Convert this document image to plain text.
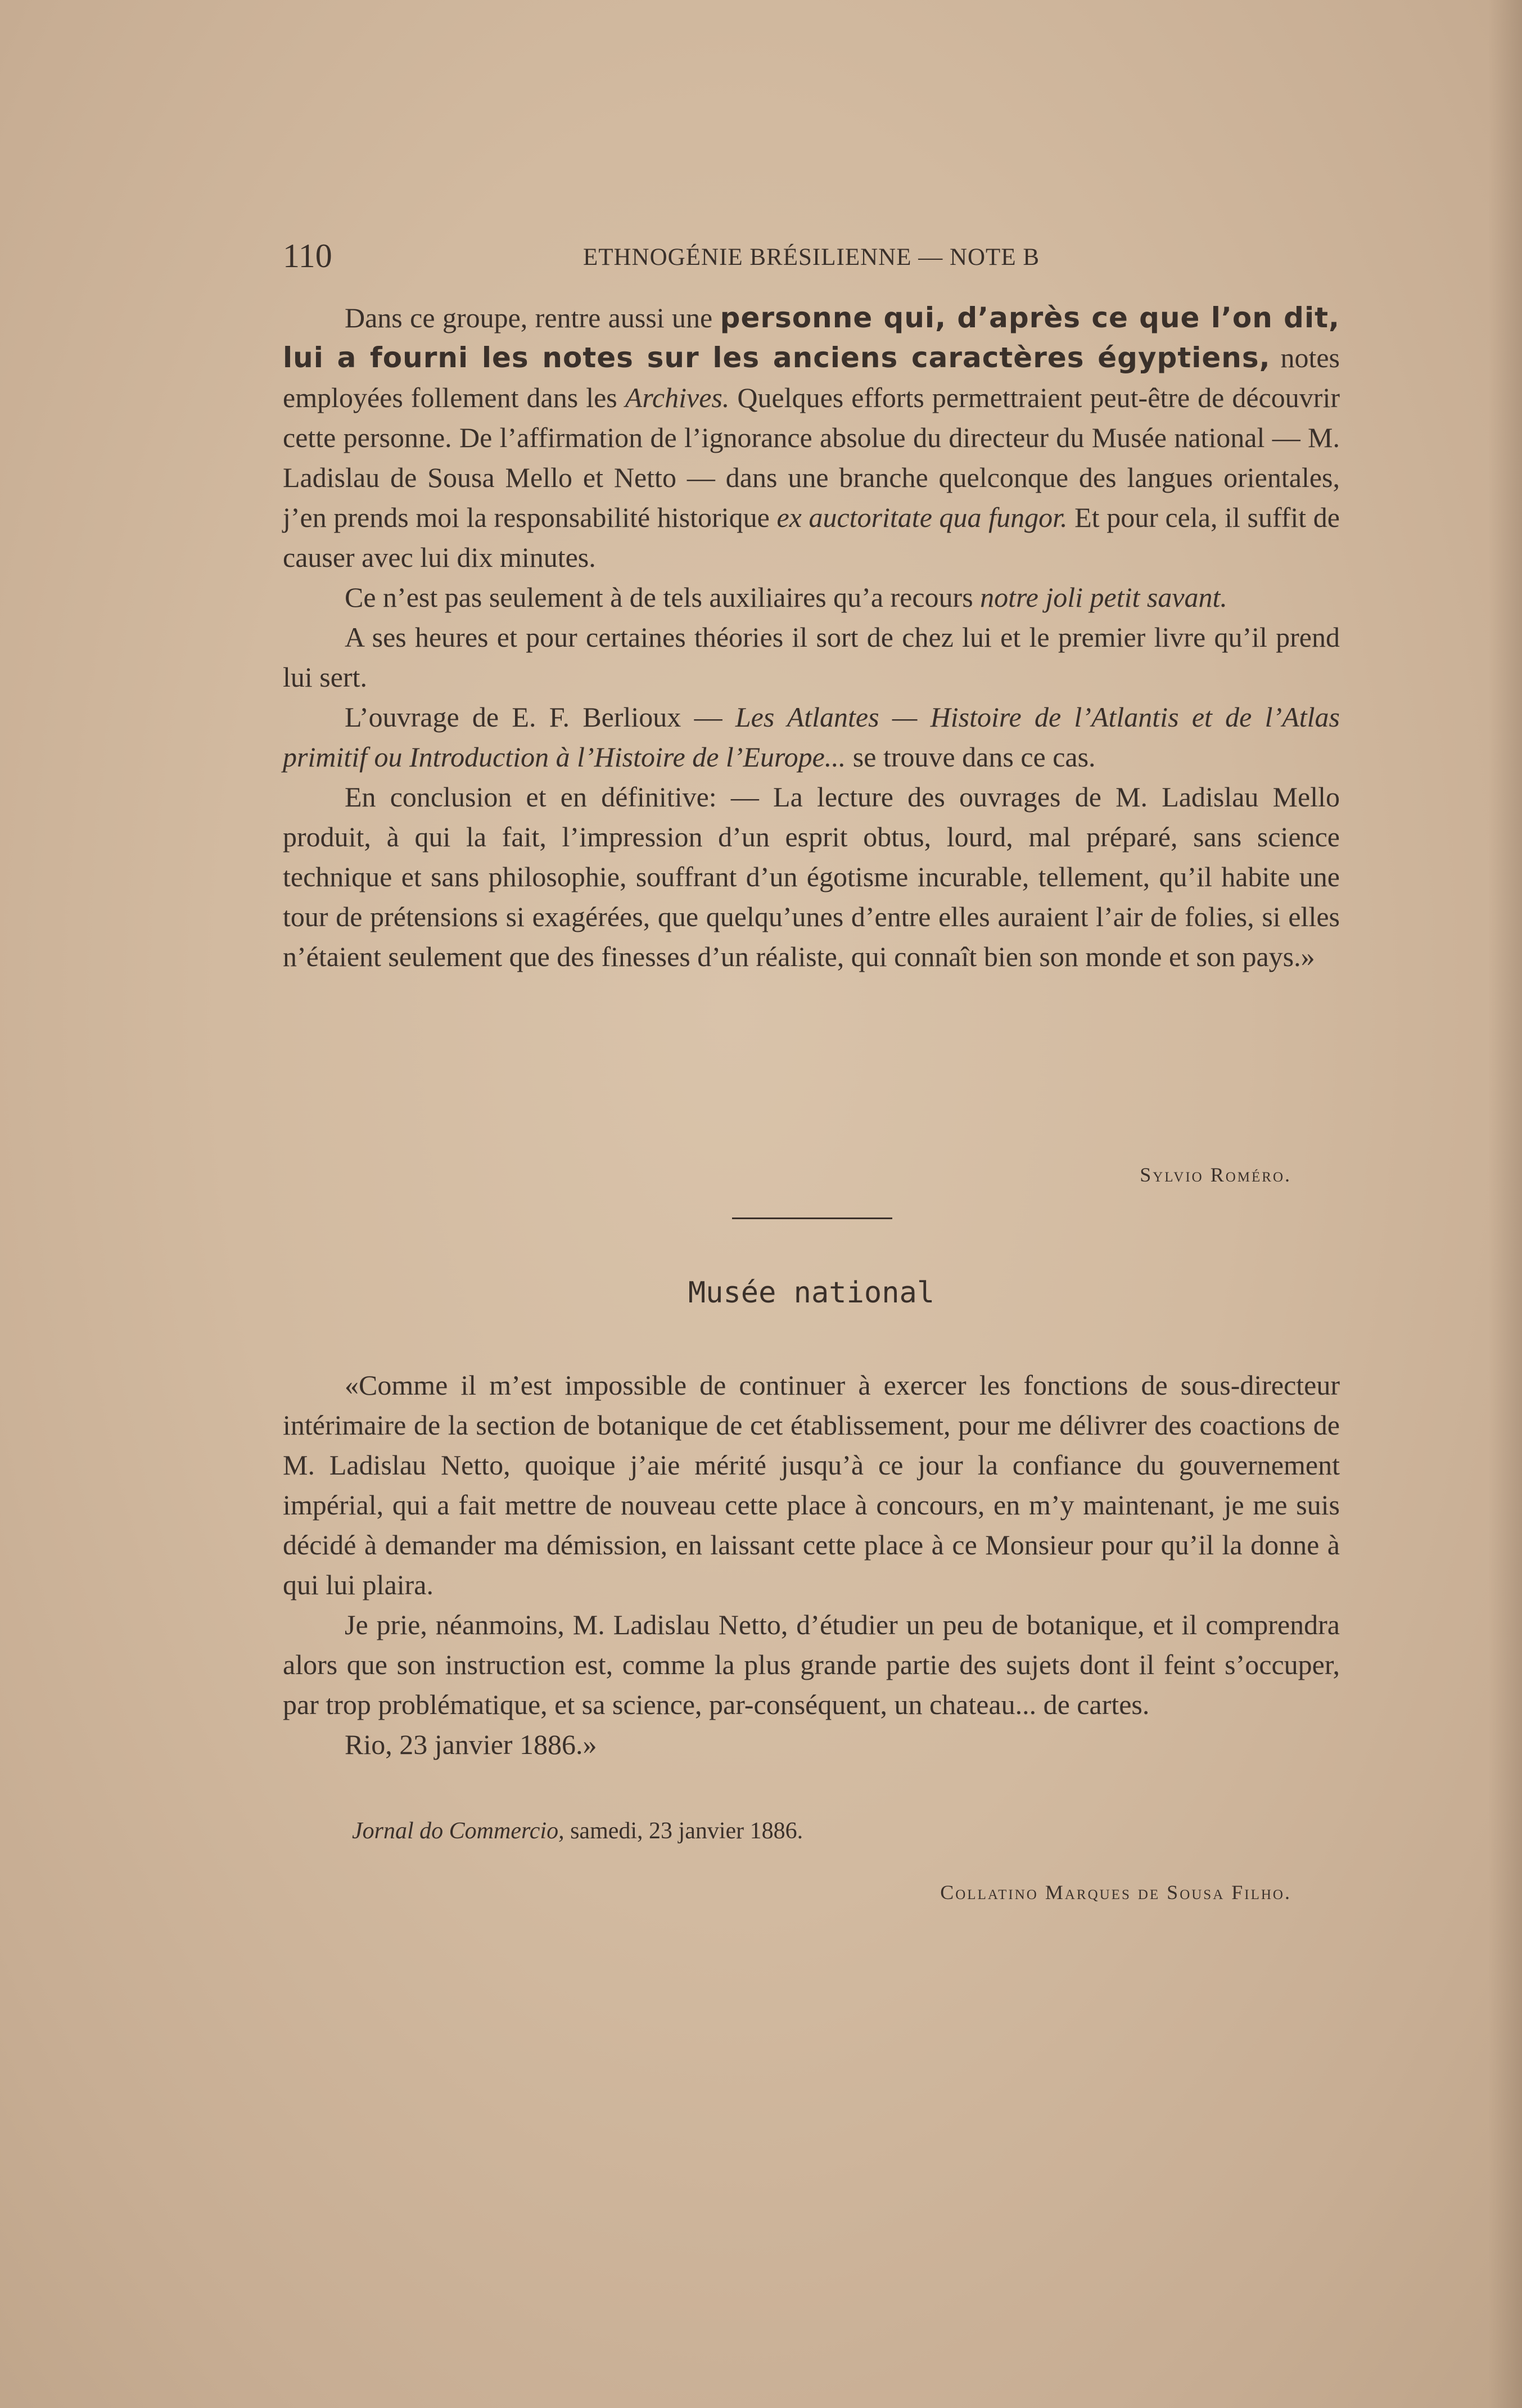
110	ETHNOGÉNIE BRÉSILIENNE — NOTE B

Dans ce groupe, rentre aussi une personne qui, d’après ce que l’on dit, lui a fourni les notes sur les anciens caractères égyptiens, notes employées follement dans les Archives. Quelques efforts permettraient peut-être de découvrir cette personne. De l’affirmation de l’ignorance absolue du directeur du Musée national — M. Ladislau de Sousa Mello et Netto — dans une branche quelconque des langues orientales, j’en prends moi la responsabilité historique ex auctoritate qua fungor. Et pour cela, il suffit de causer avec lui dix minutes.

Ce n’est pas seulement à de tels auxiliaires qu’a recours notre joli petit savant.

A ses heures et pour certaines théories il sort de chez lui et le premier livre qu’il prend lui sert.

L’ouvrage de E. F. Berlioux — Les Atlantes — Histoire de l’Atlantis et de l’Atlas primitif ou Introduction à l’Histoire de l’Europe... se trouve dans ce cas.

En conclusion et en définitive: — La lecture des ouvrages de M. Ladislau Mello produit, à qui la fait, l’impression d’un esprit obtus, lourd, mal préparé, sans science technique et sans philosophie, souffrant d’un égotisme incurable, tellement, qu’il habite une tour de prétensions si exagérées, que quelqu’unes d’entre elles auraient l’air de folies, si elles n’étaient seulement que des finesses d’un réaliste, qui connaît bien son monde et son pays.»

Sylvio Roméro.
Musée national

«Comme il m’est impossible de continuer à exercer les fonctions de sous-directeur intérimaire de la section de botanique de cet établissement, pour me délivrer des coactions de M. Ladislau Netto, quoique j’aie mérité jusqu’à ce jour la confiance du gouvernement impérial, qui a fait mettre de nouveau cette place à concours, en m’y maintenant, je me suis décidé à demander ma démission, en laissant cette place à ce Monsieur pour qu’il la donne à qui lui plaira.

Je prie, néanmoins, M. Ladislau Netto, d’étudier un peu de botanique, et il comprendra alors que son instruction est, comme la plus grande partie des sujets dont il feint s’occuper, par trop problématique, et sa science, par-conséquent, un chateau... de cartes.

Rio, 23 janvier 1886.»

Jornal do Commercio, samedi, 23 janvier 1886.
Collatino Marques de Sousa Filho.
